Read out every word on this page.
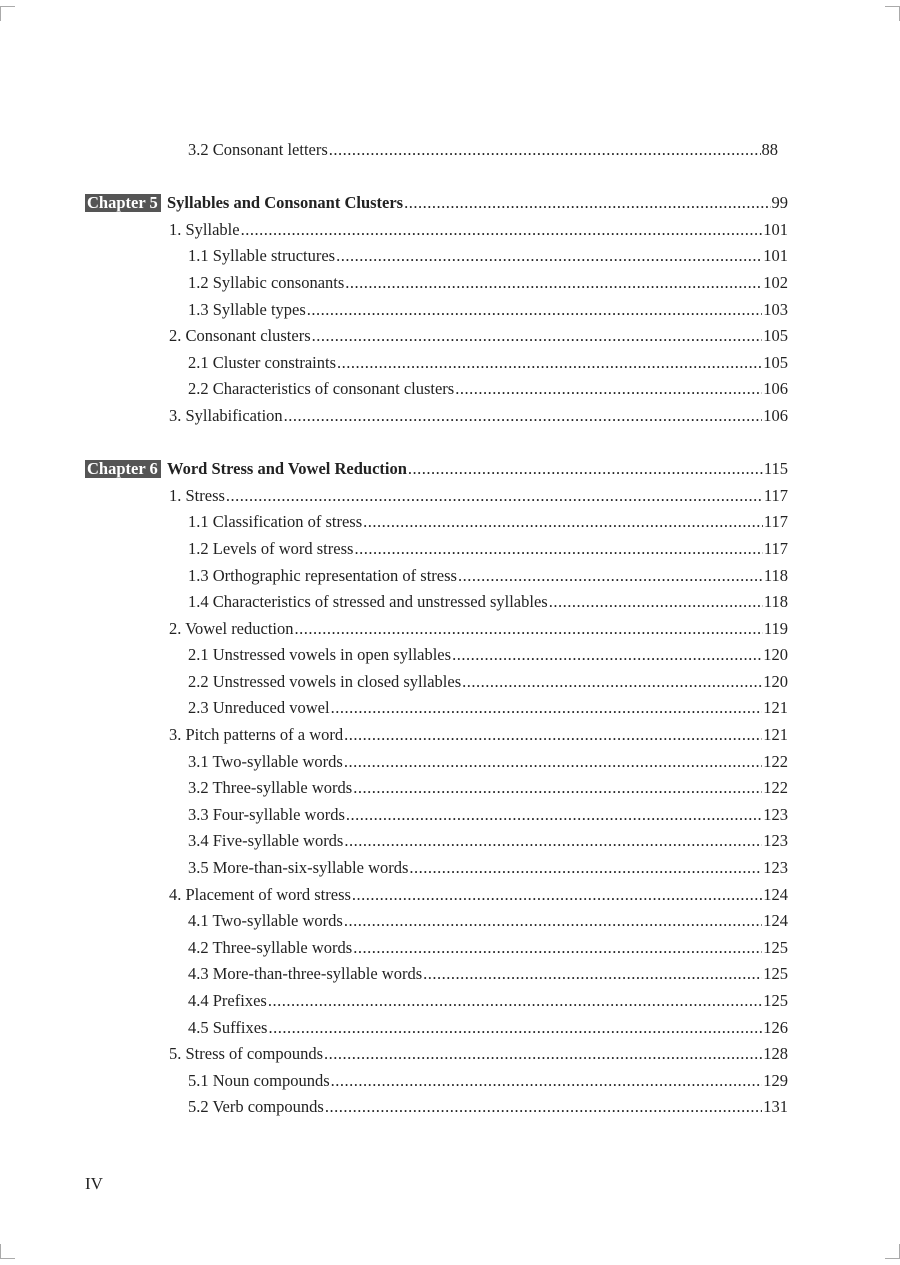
3.2 Consonant letters .....	88
Chapter 5 Syllables and Consonant Clusters .....	99
1. Syllable .....	101
1.1 Syllable structures .....	101
1.2 Syllabic consonants .....	102
1.3 Syllable types .....	103
2. Consonant clusters .....	105
2.1 Cluster constraints .....	105
2.2 Characteristics of consonant clusters .....	106
3. Syllabification .....	106
Chapter 6 Word Stress and Vowel Reduction .....	115
1. Stress .....	117
1.1 Classification of stress .....	117
1.2 Levels of word stress .....	117
1.3 Orthographic representation of stress .....	118
1.4 Characteristics of stressed and unstressed syllables .....	118
2. Vowel reduction .....	119
2.1 Unstressed vowels in open syllables .....	120
2.2 Unstressed vowels in closed syllables .....	120
2.3 Unreduced vowel .....	121
3. Pitch patterns of a word .....	121
3.1 Two-syllable words .....	122
3.2 Three-syllable words .....	122
3.3 Four-syllable words .....	123
3.4 Five-syllable words .....	123
3.5 More-than-six-syllable words .....	123
4. Placement of word stress .....	124
4.1 Two-syllable words .....	124
4.2 Three-syllable words .....	125
4.3 More-than-three-syllable words .....	125
4.4 Prefixes .....	125
4.5 Suffixes .....	126
5. Stress of compounds .....	128
5.1 Noun compounds .....	129
5.2 Verb compounds .....	131
IV
